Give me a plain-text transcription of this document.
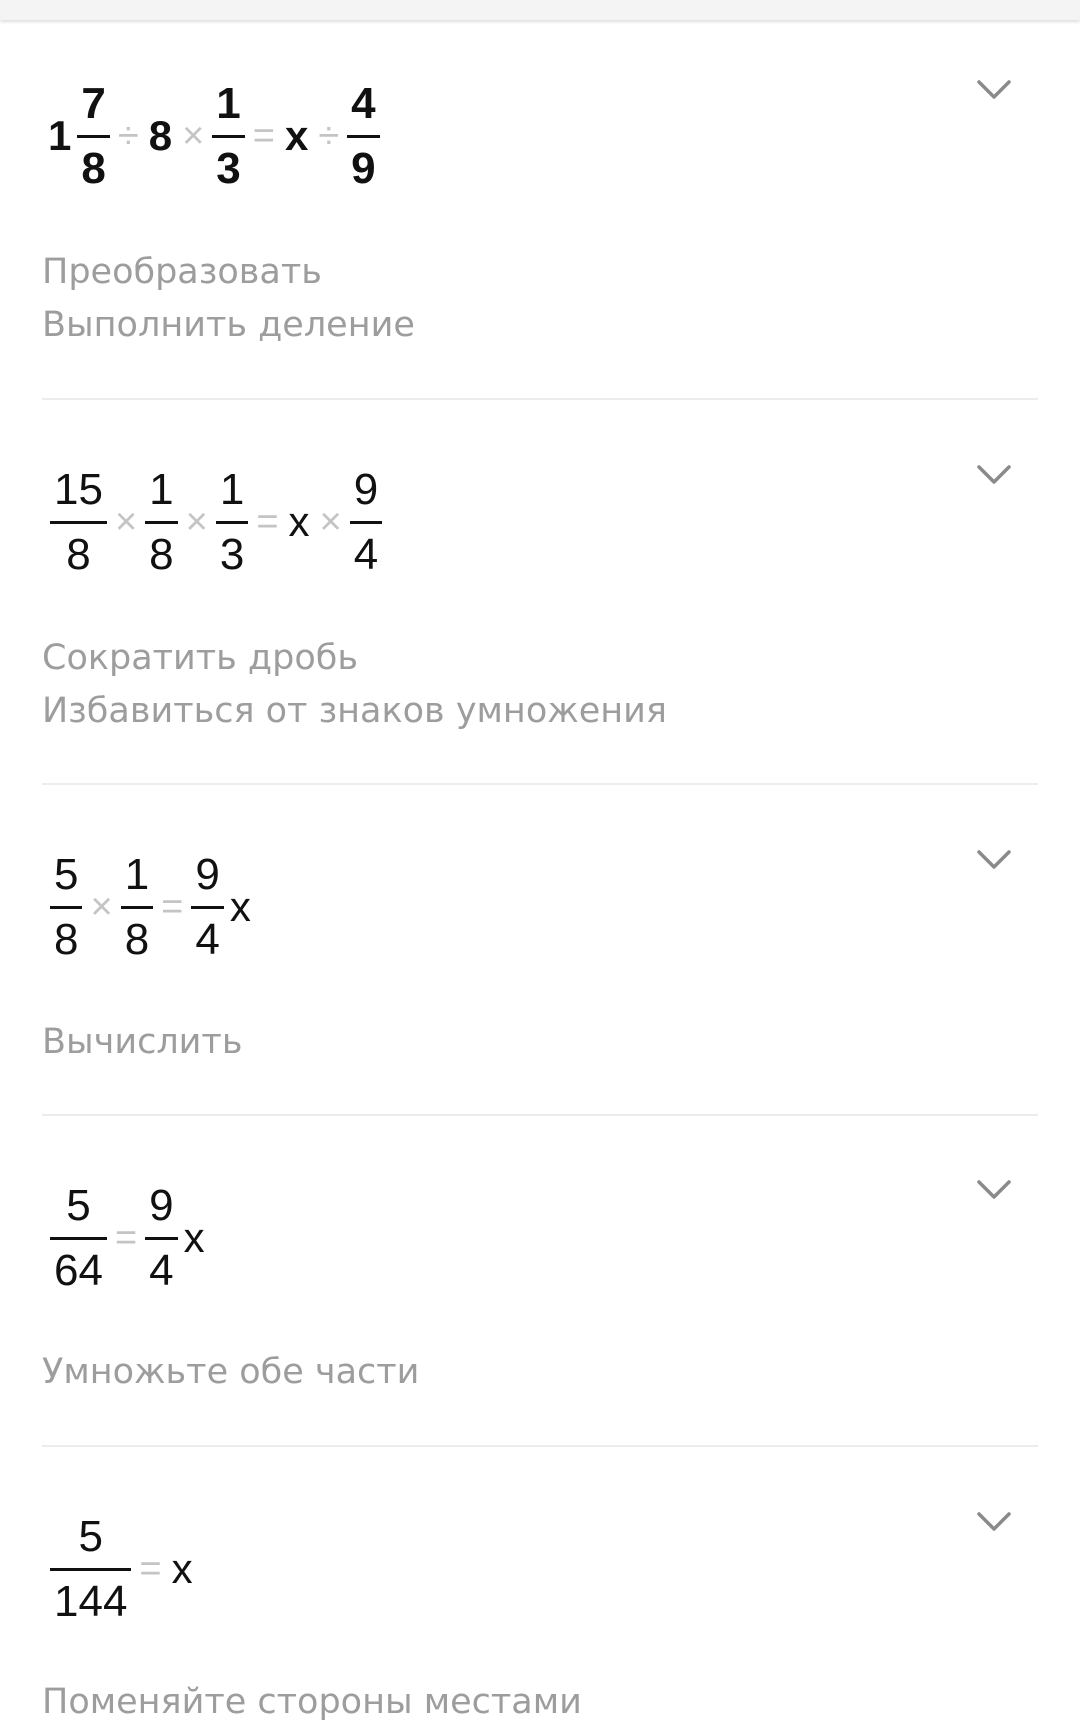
$1 \frac{7}{8} \div 8 \times \frac{1}{3} = x \div \frac{4}{9}$
Преобразовать
Выполнить деление
$\frac{15}{8} \times \frac{1}{8} \times \frac{1}{3} = x \times \frac{9}{4}$
Сократить дробь
Избавиться от знаков умножения
$\frac{5}{8} \times \frac{1}{8} = \frac{9}{4}$ x
Вычислить
$\frac{5}{64} = \frac{9}{4}$ x
Умножьте обе части
$\frac{5}{144} = x$
Поменяйте стороны местами
